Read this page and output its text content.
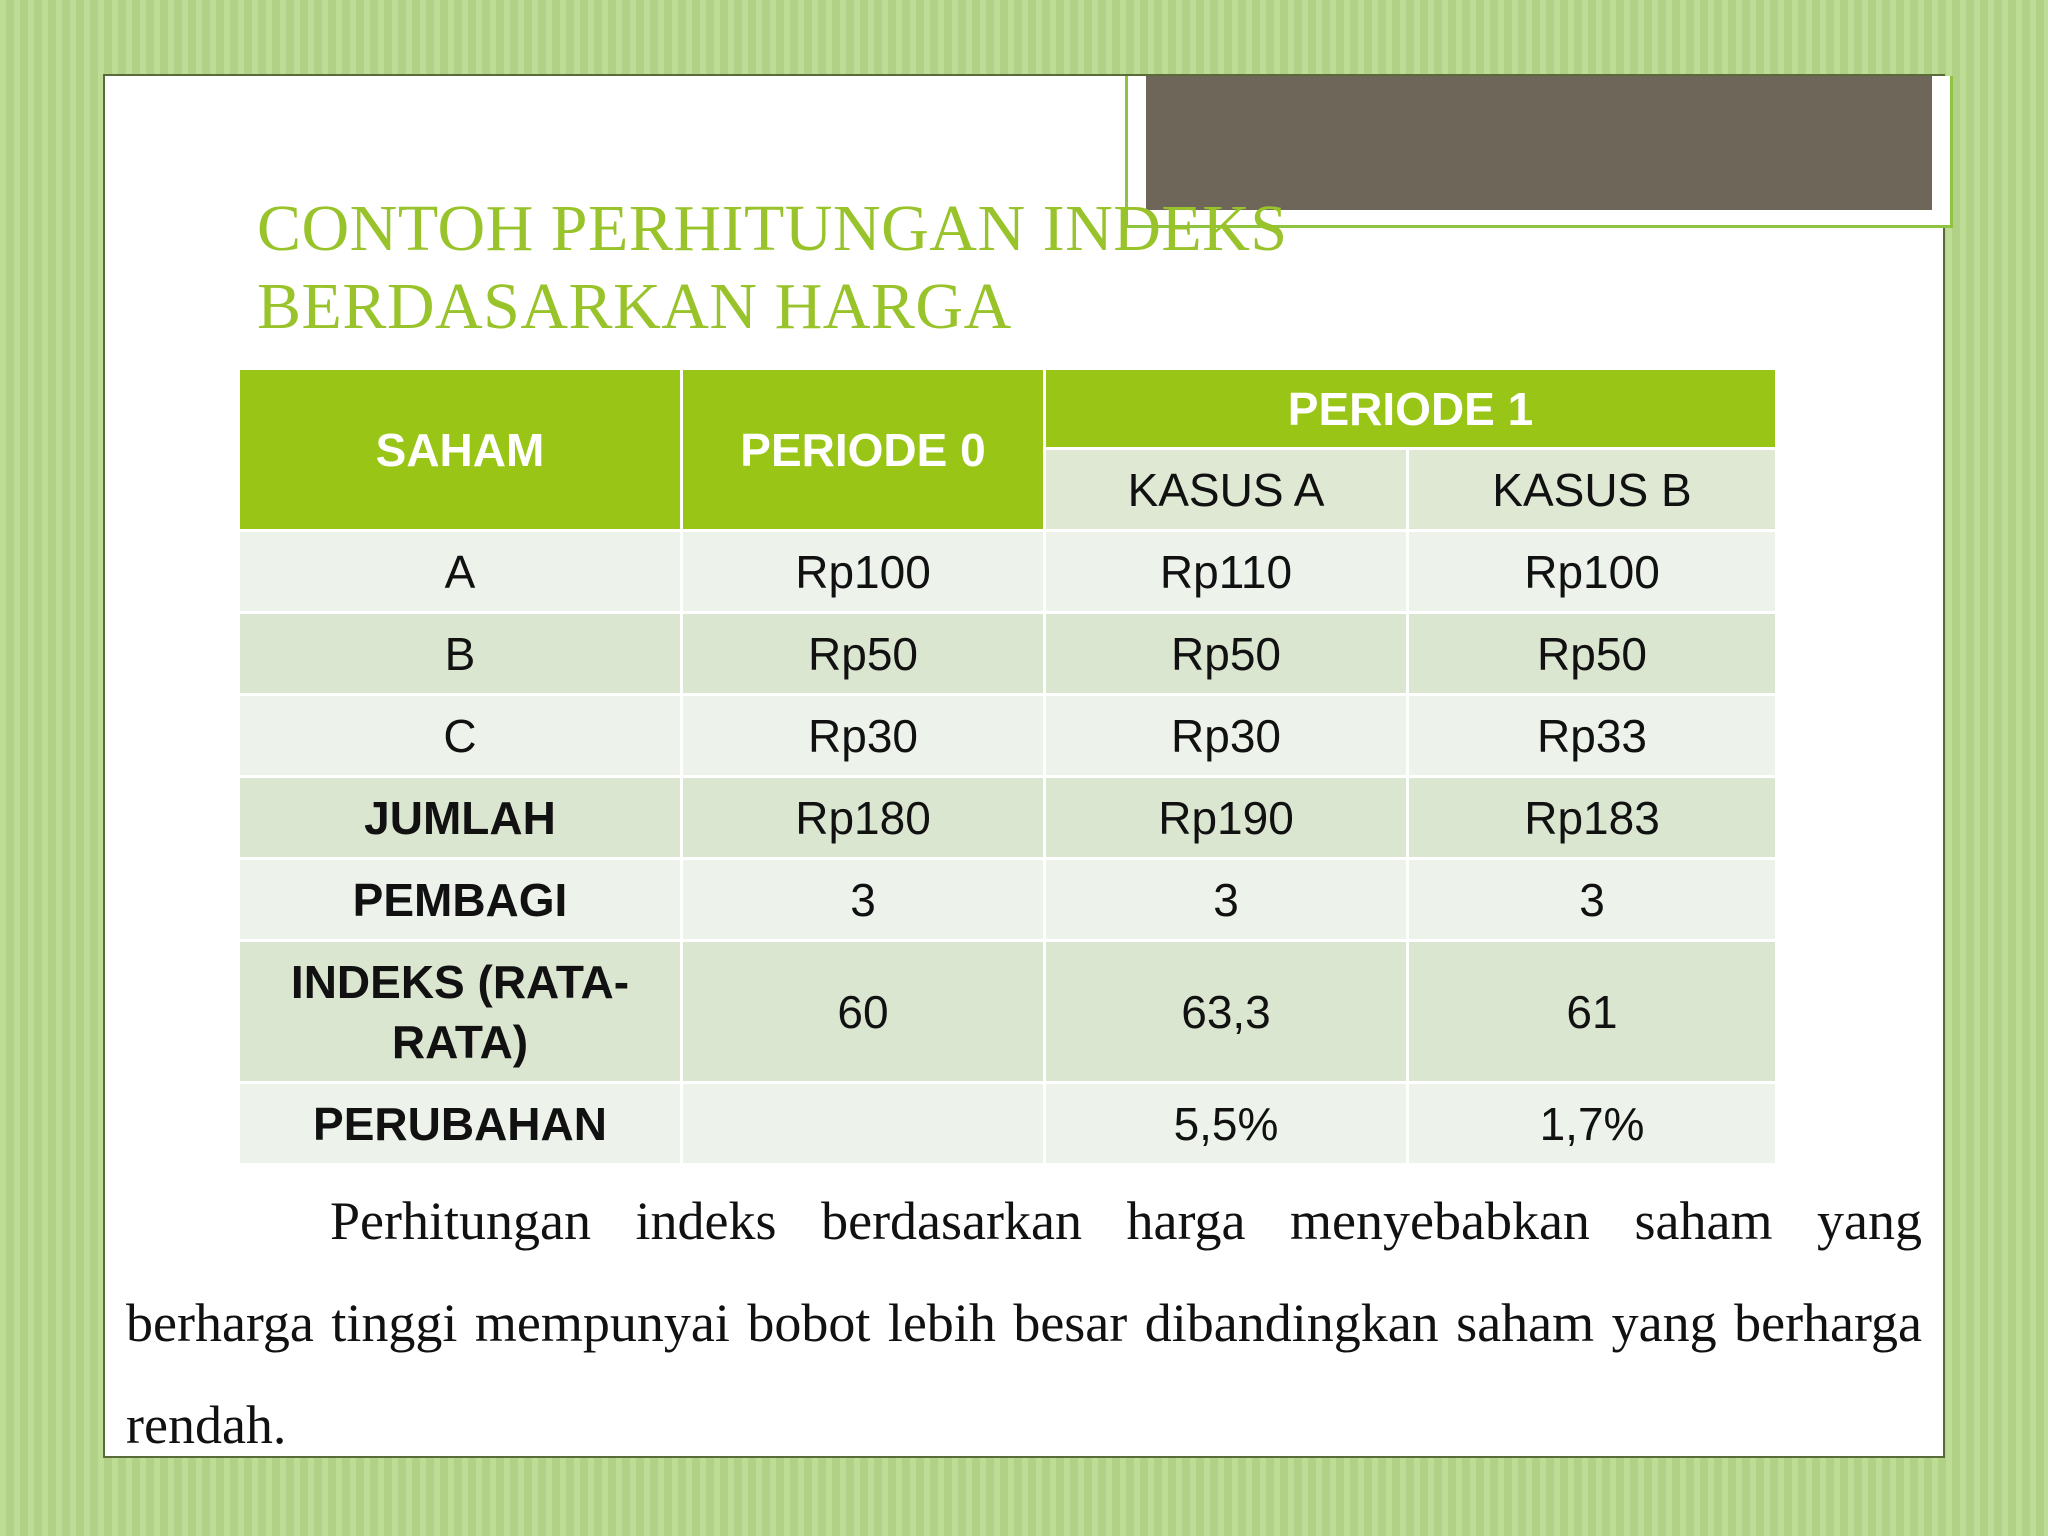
CONTOH PERHITUNGAN INDEKS
BERDASARKAN HARGA
SAHAM	PERIODE 0	PERIODE 1	
		KASUS A	KASUS B
A	Rp100	Rp110	Rp100
B	Rp50	Rp50	Rp50
C	Rp30	Rp30	Rp33
JUMLAH	Rp180	Rp190	Rp183
PEMBAGI	3	3	3
INDEKS (RATA-RATA)	60	63,3	61
PERUBAHAN		5,5%	1,7%

Perhitungan indeks berdasarkan harga menyebabkan saham yang berharga tinggi mempunyai bobot lebih besar dibandingkan saham yang berharga rendah.
